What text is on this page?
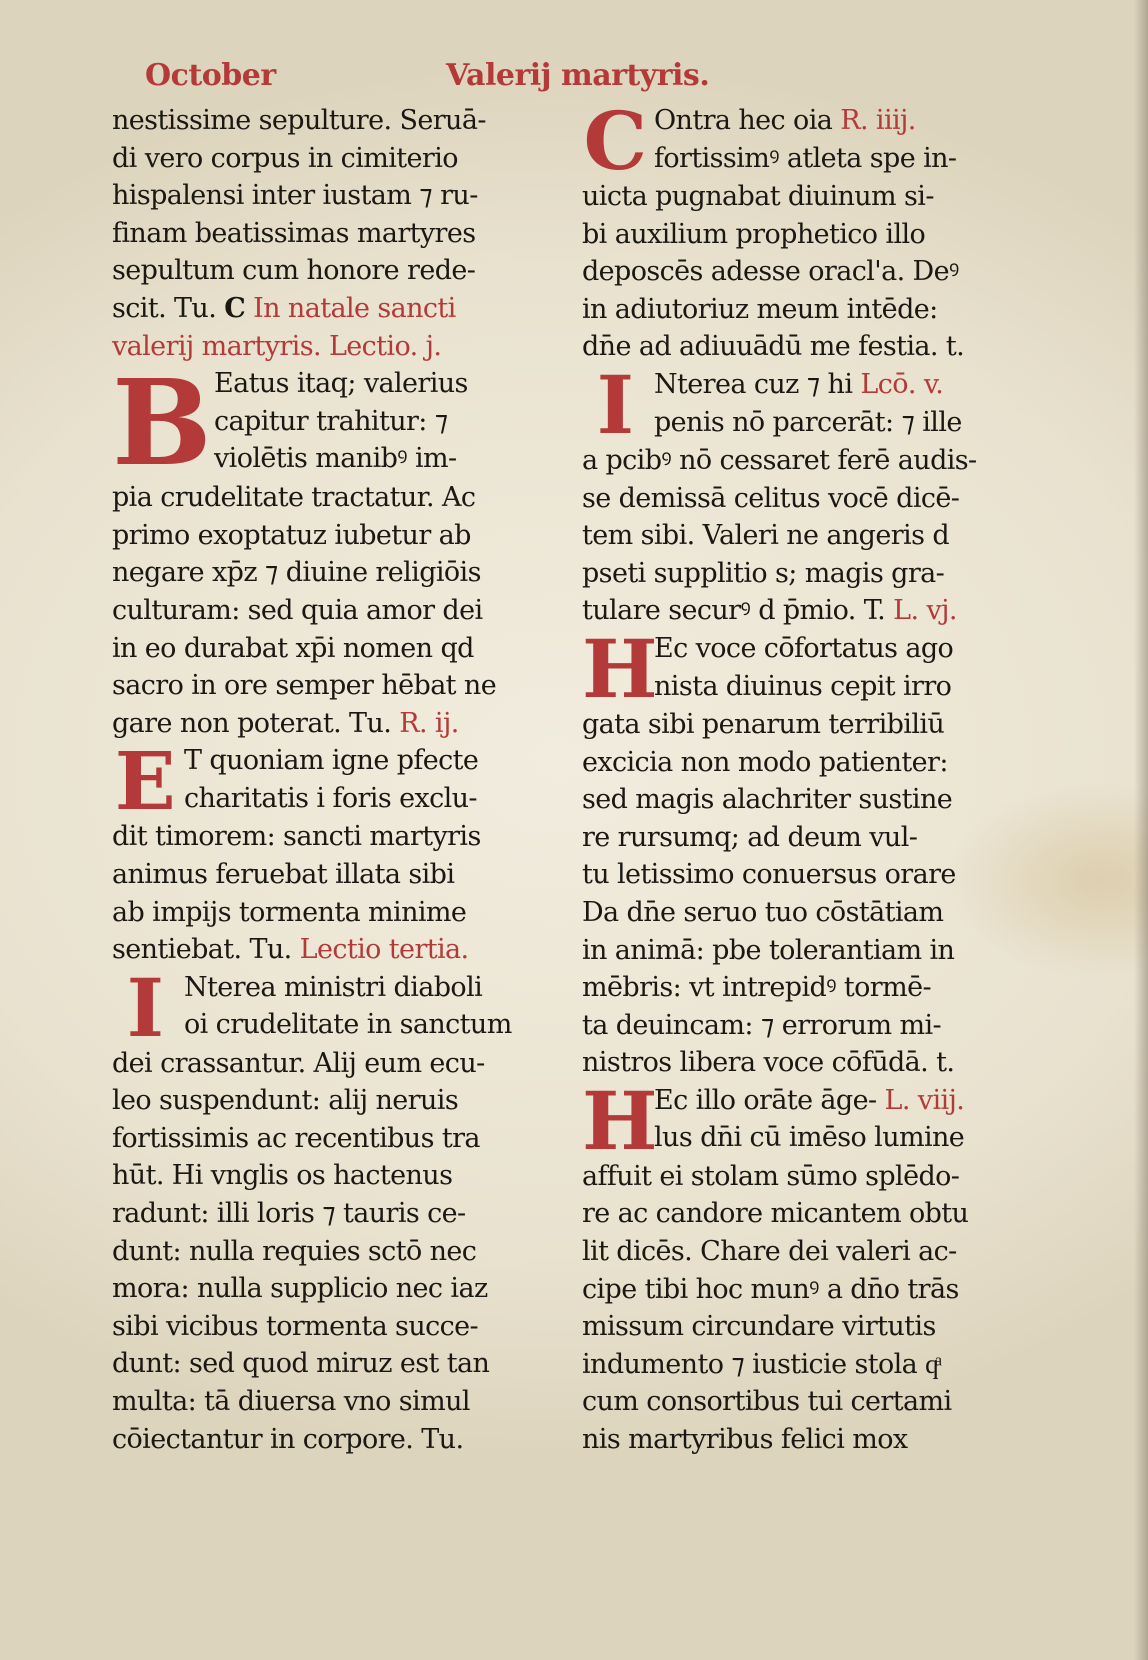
October	Valerij martyris.
nestissime sepulture. Seruā-
di vero corpus in cimiterio
hispalensi inter iustam ⁊ ru-
finam beatissimas martyres
sepultum cum honore rede-
scit. Tu. C In natale sancti
valerij martyris. Lectio. j.
B Eatus itaq; valerius
capitur trahitur: ⁊
violētis manibꝰ im-
pia crudelitate tractatur. Ac
primo exoptatuz iubetur ab
negare xp̄z ⁊ diuine religiōis
culturam: sed quia amor dei
in eo durabat xp̄i nomen qd
sacro in ore semper hēbat ne
gare non poterat. Tu. R. ij.
E T quoniam igne pfecte
charitatis i foris exclu-
dit timorem: sancti martyris
animus feruebat illata sibi
ab impijs tormenta minime
sentiebat. Tu. Lectio tertia.
I Nterea ministri diaboli
oi crudelitate in sanctum
dei crassantur. Alij eum ecu-
leo suspendunt: alij neruis
fortissimis ac recentibus tra
hūt. Hi vnglis os hactenus
radunt: illi loris ⁊ tauris ce-
dunt: nulla requies sctō nec
mora: nulla supplicio nec iaz
sibi vicibus tormenta succe-
dunt: sed quod miruz est tan
multa: tā diuersa vno simul
cōiectantur in corpore. Tu.
C Ontra hec oia R. iiij.
fortissimꝰ atleta spe in-
uicta pugnabat diuinum si-
bi auxilium prophetico illo
deposcēs adesse oracl'a. Deꝰ
in adiutoriuz meum intēde:
dn̄e ad adiuuādū me festia. t.
I Nterea cuz ⁊ hi Lcō. v.
penis nō parcerāt: ⁊ ille
a pcibꝰ nō cessaret ferē audis-
se demissā celitus vocē dicē-
tem sibi. Valeri ne angeris d
pseti supplitio s; magis gra-
tulare securꝰ d p̄mio. T. L. vj.
H
Ec voce cōfortatus ago
nista diuinus cepit irro
gata sibi penarum terribiliū
excicia non modo patienter:
sed magis alachriter sustine
re rursumq; ad deum vul-
tu letissimo conuersus orare
Da dn̄e seruo tuo cōstātiam
in animā: pbe tolerantiam in
mēbris: vt intrepidꝰ tormē-
ta deuincam: ⁊ errorum mi-
nistros libera voce cōfūdā. t.
H
Ec illo orāte āge- L. viij.
lus dn̄i cū imēso lumine
affuit ei stolam sūmo splēdo-
re ac candore micantem obtu
lit dicēs. Chare dei valeri ac-
cipe tibi hoc munꝰ a dn̄o trās
missum circundare virtutis
indumento ⁊ iusticie stola qͣ
cum consortibus tui certami
nis martyribus felici mox
